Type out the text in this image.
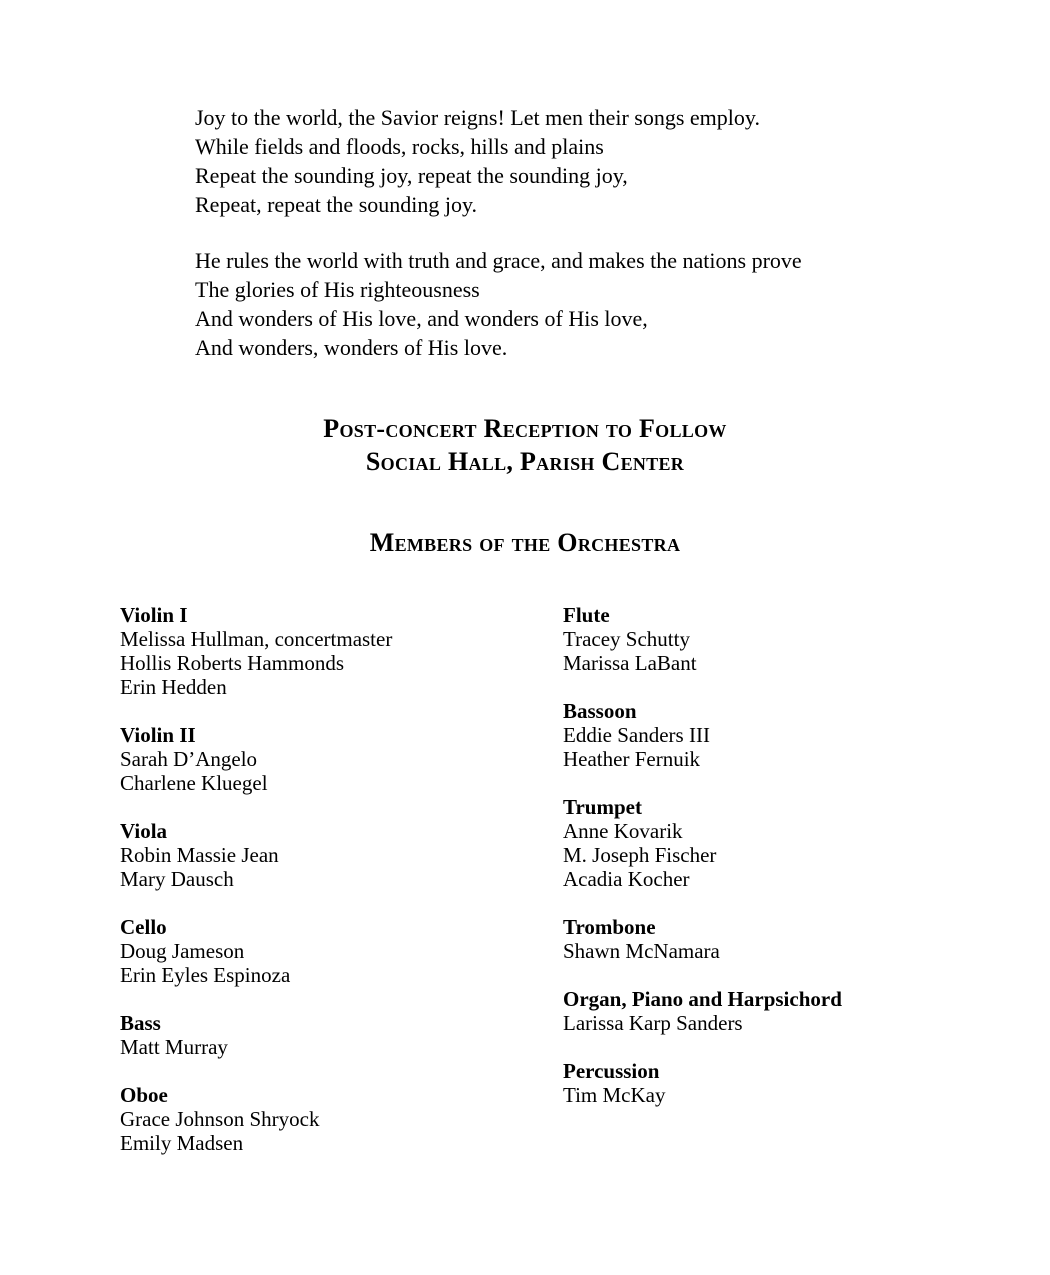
Joy to the world, the Savior reigns! Let men their songs employ.
While fields and floods, rocks, hills and plains
Repeat the sounding joy, repeat the sounding joy,
Repeat, repeat the sounding joy.
He rules the world with truth and grace, and makes the nations prove
The glories of His righteousness
And wonders of His love, and wonders of His love,
And wonders, wonders of His love.
Post-concert Reception to Follow
Social Hall, Parish Center
Members of the Orchestra
Violin I
Melissa Hullman, concertmaster
Hollis Roberts Hammonds
Erin Hedden
Violin II
Sarah D’Angelo
Charlene Kluegel
Viola
Robin Massie Jean
Mary Dausch
Cello
Doug Jameson
Erin Eyles Espinoza
Bass
Matt Murray
Oboe
Grace Johnson Shryock
Emily Madsen
Flute
Tracey Schutty
Marissa LaBant
Bassoon
Eddie Sanders III
Heather Fernuik
Trumpet
Anne Kovarik
M. Joseph Fischer
Acadia Kocher
Trombone
Shawn McNamara
Organ, Piano and Harpsichord
Larissa Karp Sanders
Percussion
Tim McKay
